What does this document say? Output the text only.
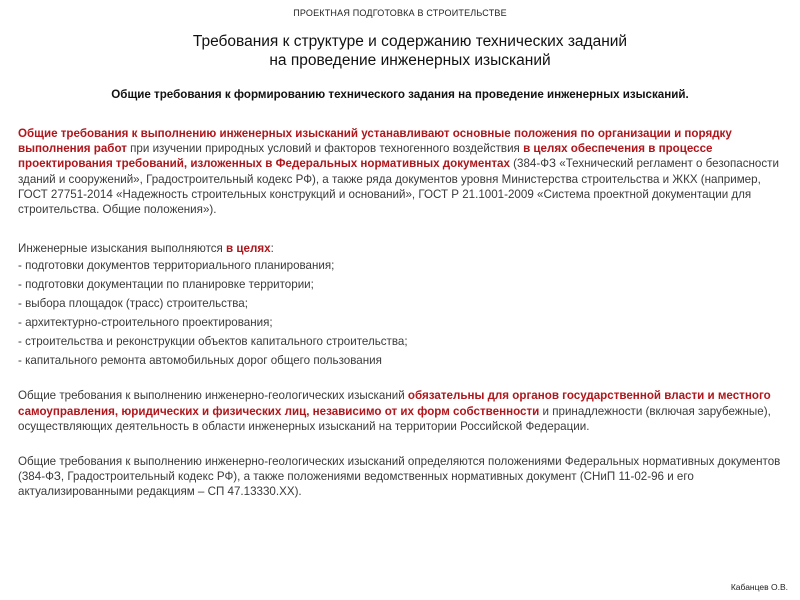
ПРОЕКТНАЯ ПОДГОТОВКА В СТРОИТЕЛЬСТВЕ
Требования к структуре и содержанию технических заданий
на проведение инженерных изысканий
Общие требования к формированию технического задания на проведение инженерных изысканий.

Общие требования к выполнению инженерных изысканий устанавливают основные положения по организации и порядку выполнения работ при изучении природных условий и факторов техногенного воздействия в целях обеспечения в процессе проектирования требований, изложенных в Федеральных нормативных документах (384-ФЗ «Технический регламент о безопасности зданий и сооружений», Градостроительный кодекс РФ), а также ряда документов уровня Министерства строительства и ЖКХ (например, ГОСТ 27751-2014 «Надежность строительных конструкций и оснований», ГОСТ Р 21.1001-2009 «Система проектной документации для строительства. Общие положения»).

Инженерные изыскания выполняются в целях:

- подготовки документов территориального планирования;
- подготовки документации по планировке территории;
- выбора площадок (трасс) строительства;
- архитектурно-строительного проектирования;
- строительства и реконструкции объектов капитального строительства;
- капитального ремонта автомобильных дорог общего пользования

Общие требования к выполнению инженерно-геологических изысканий обязательны для органов государственной власти и местного самоуправления, юридических и физических лиц, независимо от их форм собственности и принадлежности (включая зарубежные), осуществляющих деятельность в области инженерных изысканий на территории Российской Федерации.

Общие требования к выполнению инженерно-геологических изысканий определяются положениями Федеральных нормативных документов (384-ФЗ, Градостроительный кодекс РФ), а также положениями ведомственных нормативных документ (СНиП 11-02-96 и его актуализированными редакциям – СП 47.13330.ХХ).

Кабанцев О.В.
